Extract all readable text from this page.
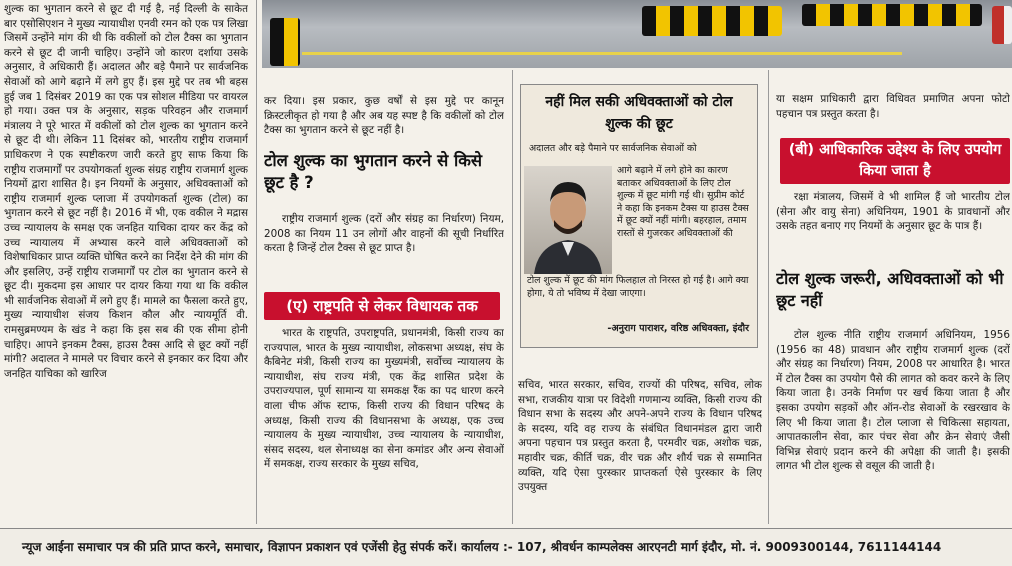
शुल्क का भुगतान करने से छूट दी गई है, नई दिल्ली के साकेत बार एसोसिएशन ने मुख्य न्यायाधीश एनवी रमन को एक पत्र लिखा जिसमें उन्होंने मांग की थी कि वकीलों को टोल टैक्स का भुगतान करने से छूट दी जानी चाहिए। उन्होंने जो कारण दर्शाया उसके अनुसार, वे अधिकारी हैं। अदालत और बड़े पैमाने पर सार्वजनिक सेवाओं को आगे बढ़ाने में लगे हुए हैं। इस मुद्दे पर तब भी बहस हुई जब 1 दिसंबर 2019 का एक पत्र सोशल मीडिया पर वायरल हो गया। उक्त पत्र के अनुसार, सड़क परिवहन और राजमार्ग मंत्रालय ने पूरे भारत में वकीलों को टोल शुल्क का भुगतान करने से छूट दी थी। लेकिन 11 दिसंबर को, भारतीय राष्ट्रीय राजमार्ग प्राधिकरण ने एक स्पष्टीकरण जारी करते हुए साफ किया कि राष्ट्रीय राजमार्गों पर उपयोगकर्ता शुल्क संग्रह राष्ट्रीय राजमार्ग शुल्क नियमों द्वारा शासित है। इन नियमों के अनुसार, अधिवक्ताओं को राष्ट्रीय राजमार्ग शुल्क प्लाजा में उपयोगकर्ता शुल्क (टोल) का भुगतान करने से छूट नहीं है। 2016 में भी, एक वकील ने मद्रास उच्च न्यायालय के समक्ष एक जनहित याचिका दायर कर केंद्र को उच्च न्यायालय में अभ्यास करने वाले अधिवक्ताओं को विशेषाधिकार प्राप्त व्यक्ति घोषित करने का निर्देश देने की मांग की और इसलिए, उन्हें राष्ट्रीय राजमार्गों पर टोल का भुगतान करने से छूट दी। मुकदमा इस आधार पर दायर किया गया था कि वकील भी सार्वजनिक सेवाओं में लगे हुए हैं। मामले का फैसला करते हुए, मुख्य न्यायाधीश संजय किशन कौल और न्यायमूर्ति वी. रामसुब्रमण्यम के खंड ने कहा कि इस सब की एक सीमा होनी चाहिए। आपने इनकम टैक्स, हाउस टैक्स आदि से छूट क्यों नहीं मांगी? अदालत ने मामले पर विचार करने से इनकार कर दिया और जनहित याचिका को खारिज

कर दिया। इस प्रकार, कुछ वर्षों से इस मुद्दे पर कानून क्रिस्टलीकृत हो गया है और अब यह स्पष्ट है कि वकीलों को टोल टैक्स का भुगतान करने से छूट नहीं है।

टोल शुल्क का भुगतान करने से किसे छूट है ?

राष्ट्रीय राजमार्ग शुल्क (दरों और संग्रह का निर्धारण) नियम, 2008 का नियम 11 उन लोगों और वाहनों की सूची निर्धारित करता है जिन्हें टोल टैक्स से छूट प्राप्त है।

(ए) राष्ट्रपति से लेकर विधायक तक

भारत के राष्ट्रपति, उपराष्ट्रपति, प्रधानमंत्री, किसी राज्य का राज्यपाल, भारत के मुख्य न्यायाधीश, लोकसभा अध्यक्ष, संघ के कैबिनेट मंत्री, किसी राज्य का मुख्यमंत्री, सर्वोच्च न्यायालय के न्यायाधीश, संघ राज्य मंत्री, एक केंद्र शासित प्रदेश के उपराज्यपाल, पूर्ण सामान्य या समकक्ष रैंक का पद धारण करने वाला चीफ ऑफ स्टाफ, किसी राज्य की विधान परिषद के अध्यक्ष, किसी राज्य की विधानसभा के अध्यक्ष, एक उच्च न्यायालय के मुख्य न्यायाधीश, उच्च न्यायालय के न्यायाधीश, संसद सदस्य, थल सेनाध्यक्ष का सेना कमांडर और अन्य सेवाओं में समकक्ष, राज्य सरकार के मुख्य सचिव,

नहीं मिल सकी अधिवक्ताओं को टोल शुल्क की छूट
अदालत और बड़े पैमाने पर सार्वजनिक सेवाओं को
आगे बढ़ाने में लगे होने का कारण बताकर अधिवक्ताओं के लिए टोल शुल्क में छूट मांगी गई थी। सुप्रीम कोर्ट ने कहा कि इनकम टैक्स या हाउस टैक्स में छूट क्यों नहीं मांगी। बहरहाल, तमाम रास्तों से गुजरकर अधिवक्ताओं की
टोल शुल्क में छूट की मांग फिलहाल तो निरस्त हो गई है। आगे क्या होगा, ये तो भविष्य में देखा जाएगा।
-अनुराग पाराशर, वरिष्ठ अधिवक्ता, इंदौर

सचिव, भारत सरकार, सचिव, राज्यों की परिषद, सचिव, लोक सभा, राजकीय यात्रा पर विदेशी गणमान्य व्यक्ति, किसी राज्य की विधान सभा के सदस्य और अपने-अपने राज्य के विधान परिषद के सदस्य, यदि वह राज्य के संबंधित विधानमंडल द्वारा जारी अपना पहचान पत्र प्रस्तुत करता है, परमवीर चक्र, अशोक चक्र, महावीर चक्र, कीर्ति चक्र, वीर चक्र और शौर्य चक्र से सम्मानित व्यक्ति, यदि ऐसा पुरस्कार प्राप्तकर्ता ऐसे पुरस्कार के लिए उपयुक्त

या सक्षम प्राधिकारी द्वारा विधिवत प्रमाणित अपना फोटो पहचान पत्र प्रस्तुत करता है।

(बी) आधिकारिक उद्देश्य के लिए उपयोग किया जाता है

रक्षा मंत्रालय, जिसमें वे भी शामिल हैं जो भारतीय टोल (सेना और वायु सेना) अधिनियम, 1901 के प्रावधानों और उसके तहत बनाए गए नियमों के अनुसार छूट के पात्र हैं।

टोल शुल्क जरूरी, अधिवक्ताओं को भी छूट नहीं

टोल शुल्क नीति राष्ट्रीय राजमार्ग अधिनियम, 1956 (1956 का 48) प्रावधान और राष्ट्रीय राजमार्ग शुल्क (दरों और संग्रह का निर्धारण) नियम, 2008 पर आधारित है। भारत में टोल टैक्स का उपयोग पैसे की लागत को कवर करने के लिए किया जाता है। उनके निर्माण पर खर्च किया जाता है और इसका उपयोग सड़कों और ऑन-रोड सेवाओं के रखरखाव के लिए भी किया जाता है। टोल प्लाजा से चिकित्सा सहायता, आपातकालीन सेवा, कार पंचर सेवा और क्रेन सेवाएं जैसी विभिन्न सेवाएं प्रदान करने की अपेक्षा की जाती है। इसकी लागत भी टोल शुल्क से वसूल की जाती है।

न्यूज आईना समाचार पत्र की प्रति प्राप्त करने, समाचार, विज्ञापन प्रकाशन एवं एजेंसी हेतु संपर्क करें। कार्यालय :- 107, श्रीवर्धन काम्पलेक्स आरएनटी मार्ग इंदौर, मो. नं. 9009300144, 7611144144
